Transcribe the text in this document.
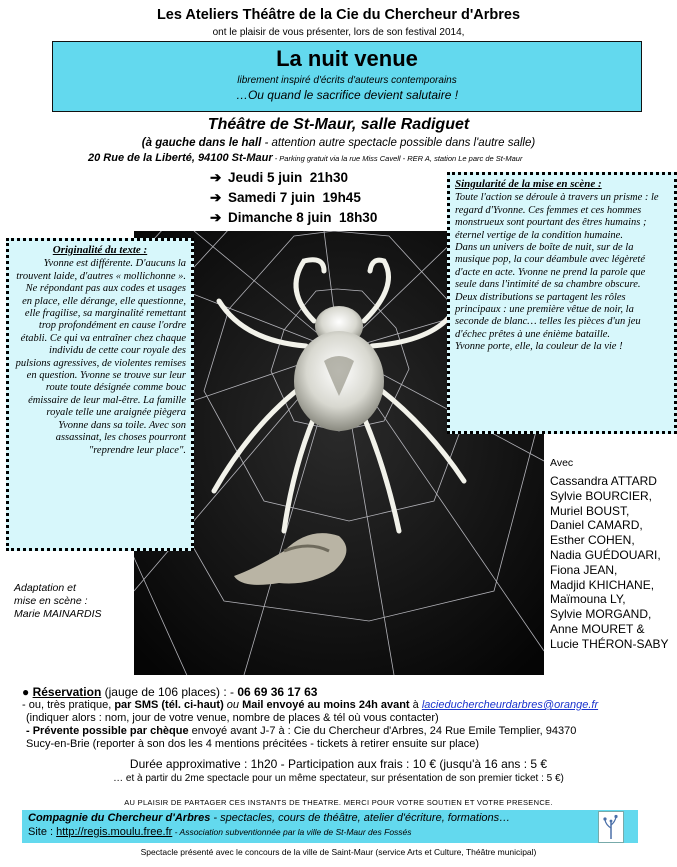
Les Ateliers Théâtre de la Cie du Chercheur d'Arbres
ont le plaisir de vous présenter, lors de son festival 2014,
La nuit venue
librement inspiré d'écrits d'auteurs contemporains
…Ou quand le sacrifice devient salutaire !
Théâtre de St-Maur, salle Radiguet
(à gauche dans le hall - attention autre spectacle possible dans l'autre salle)
20 Rue de la Liberté, 94100 St-Maur - Parking gratuit via la rue Miss Cavell - RER A, station Le parc de St-Maur
➔ Jeudi 5 juin 21h30
➔ Samedi 7 juin 19h45
➔ Dimanche 8 juin 18h30
Singularité de la mise en scène :
Toute l'action se déroule à travers un prisme : le regard d'Yvonne. Ces femmes et ces hommes monstrueux sont pourtant des êtres humains ; éternel vertige de la condition humaine.
Dans un univers de boîte de nuit, sur de la musique pop, la cour déambule avec légèreté d'acte en acte. Yvonne ne prend la parole que seule dans l'intimité de sa chambre obscure.
Deux distributions se partagent les rôles principaux : une première vêtue de noir, la seconde de blanc… telles les pièces d'un jeu d'échec prêtes à une énième bataille.
Yvonne porte, elle, la couleur de la vie !
Originalité du texte :
Yvonne est différente. D'aucuns la trouvent laide, d'autres « mollichonne ». Ne répondant pas aux codes et usages en place, elle dérange, elle questionne, elle fragilise, sa marginalité remettant trop profondément en cause l'ordre établi. Ce qui va entraîner chez chaque individu de cette cour royale des pulsions agressives, de violentes remises en question. Yvonne se trouve sur leur route toute désignée comme bouc émissaire de leur mal-être. La famille royale telle une araignée piègera Yvonne dans sa toile. Avec son assassinat, les choses pourront "reprendre leur place".
Avec
Cassandra ATTARD
Sylvie BOURCIER,
Muriel BOUST,
Daniel CAMARD,
Esther COHEN,
Nadia GUÉDOUARI,
Fiona JEAN,
Madjid KHICHANE,
Maïmouna LY,
Sylvie MORGAND,
Anne MOURET &
Lucie THÉRON-SABY
Adaptation et
mise en scène :
Marie MAINARDIS
● Réservation (jauge de 106 places) : - 06 69 36 17 63
- ou, très pratique, par SMS (tél. ci-haut) ou Mail envoyé au moins 24h avant à lacieduchercheurdarbres@orange.fr
(indiquer alors : nom, jour de votre venue, nombre de places & tél où vous contacter)
- Prévente possible par chèque envoyé avant J-7 à : Cie du Chercheur d'Arbres, 24 Rue Emile Templier, 94370
Sucy-en-Brie (reporter à son dos les 4 mentions précitées - tickets à retirer ensuite sur place)
Durée approximative : 1h20 - Participation aux frais : 10 € (jusqu'à 16 ans : 5 €
… et à partir du 2me spectacle pour un même spectateur, sur présentation de son premier ticket : 5 €)
AU PLAISIR DE PARTAGER CES INSTANTS DE THEATRE. MERCI POUR VOTRE SOUTIEN ET VOTRE PRESENCE.
Compagnie du Chercheur d'Arbres - spectacles, cours de théâtre, atelier d'écriture, formations…
Site : http://regis.moulu.free.fr - Association subventionnée par la ville de St-Maur des Fossés
Spectacle présenté avec le concours de la ville de Saint-Maur (service Arts et Culture, Théâtre municipal)
